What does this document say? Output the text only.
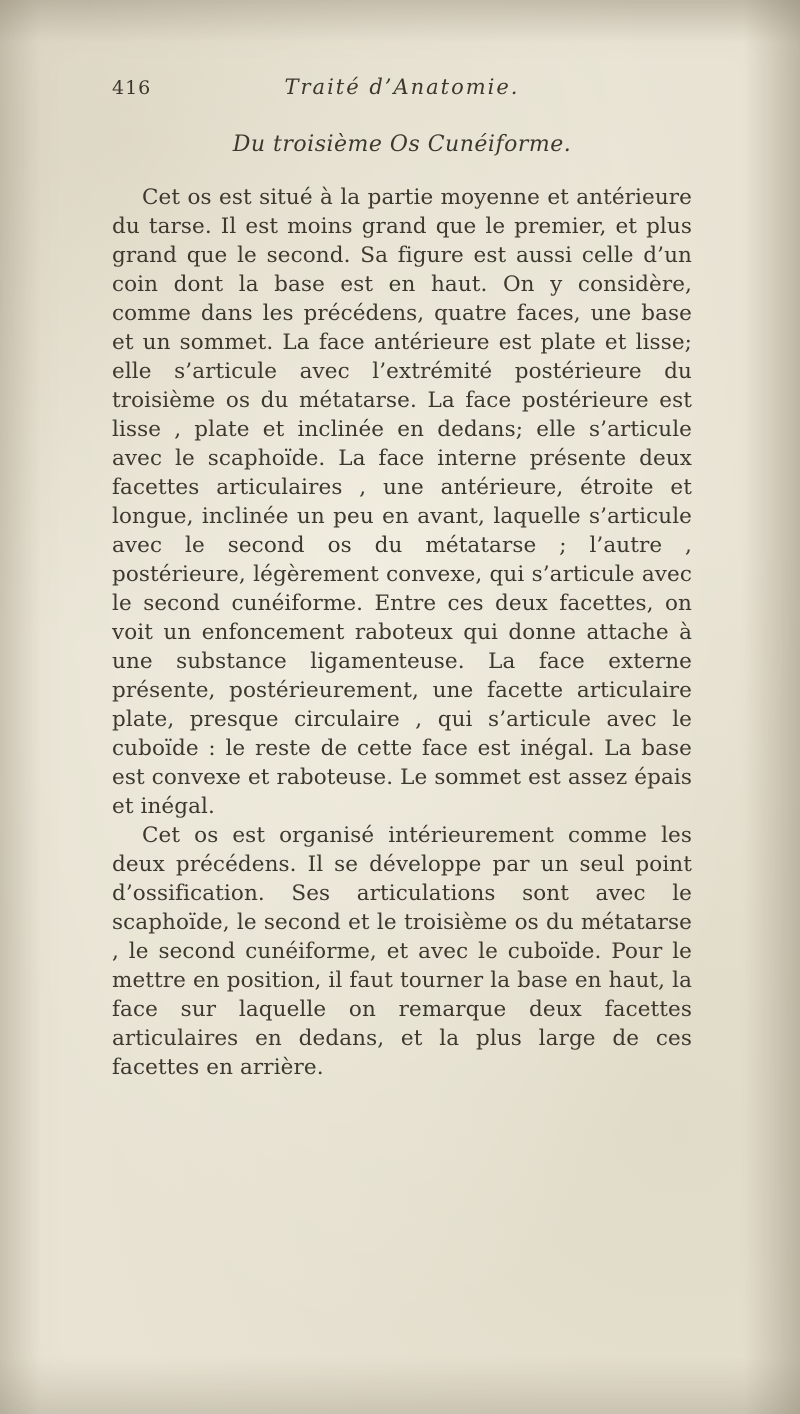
416	Traité d’Anatomie.
Du troisième Os Cunéiforme.

Cet os est situé à la partie moyenne et antérieure du tarse. Il est moins grand que le premier, et plus grand que le second. Sa figure est aussi celle d’un coin dont la base est en haut. On y considère, comme dans les précédens, quatre faces, une base et un sommet. La face antérieure est plate et lisse; elle s’articule avec l’extrémité postérieure du troisième os du métatarse. La face postérieure est lisse , plate et inclinée en dedans; elle s’articule avec le scaphoïde. La face interne présente deux facettes articulaires , une antérieure, étroite et longue, inclinée un peu en avant, laquelle s’articule avec le second os du métatarse ; l’autre , postérieure, légèrement convexe, qui s’articule avec le second cunéiforme. Entre ces deux facettes, on voit un enfoncement raboteux qui donne attache à une substance ligamenteuse. La face externe présente, postérieurement, une facette articulaire plate, presque circulaire , qui s’articule avec le cuboïde : le reste de cette face est inégal. La base est convexe et raboteuse. Le sommet est assez épais et inégal.

Cet os est organisé intérieurement comme les deux précédens. Il se développe par un seul point d’ossification. Ses articulations sont avec le scaphoïde, le second et le troisième os du métatarse , le second cunéiforme, et avec le cuboïde. Pour le mettre en position, il faut tourner la base en haut, la face sur laquelle on remarque deux facettes articulaires en dedans, et la plus large de ces facettes en arrière.
